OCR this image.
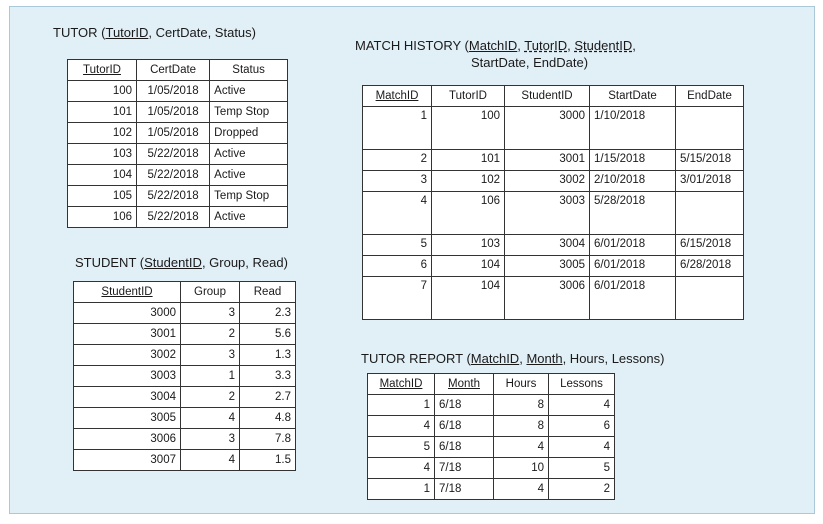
TUTOR (TutorID, CertDate, Status)
TutorID	CertDate	Status
100	1/05/2018	Active
101	1/05/2018	Temp Stop
102	1/05/2018	Dropped
103	5/22/2018	Active
104	5/22/2018	Active
105	5/22/2018	Temp Stop
106	5/22/2018	Active
STUDENT (StudentID, Group, Read)
StudentID	Group	Read
3000	3	2.3
3001	2	5.6
3002	3	1.3
3003	1	3.3
3004	2	2.7
3005	4	4.8
3006	3	7.8
3007	4	1.5
MATCH HISTORY (MatchID, TutorID, StudentID,
StartDate, EndDate)
MatchID	TutorID	StudentID	StartDate	EndDate
1	100	3000	1/10/2018	
2	101	3001	1/15/2018	5/15/2018
3	102	3002	2/10/2018	3/01/2018
4	106	3003	5/28/2018	
5	103	3004	6/01/2018	6/15/2018
6	104	3005	6/01/2018	6/28/2018
7	104	3006	6/01/2018	
TUTOR REPORT (MatchID, Month, Hours, Lessons)
MatchID	Month	Hours	Lessons
1	6/18	8	4
4	6/18	8	6
5	6/18	4	4
4	7/18	10	5
1	7/18	4	2
